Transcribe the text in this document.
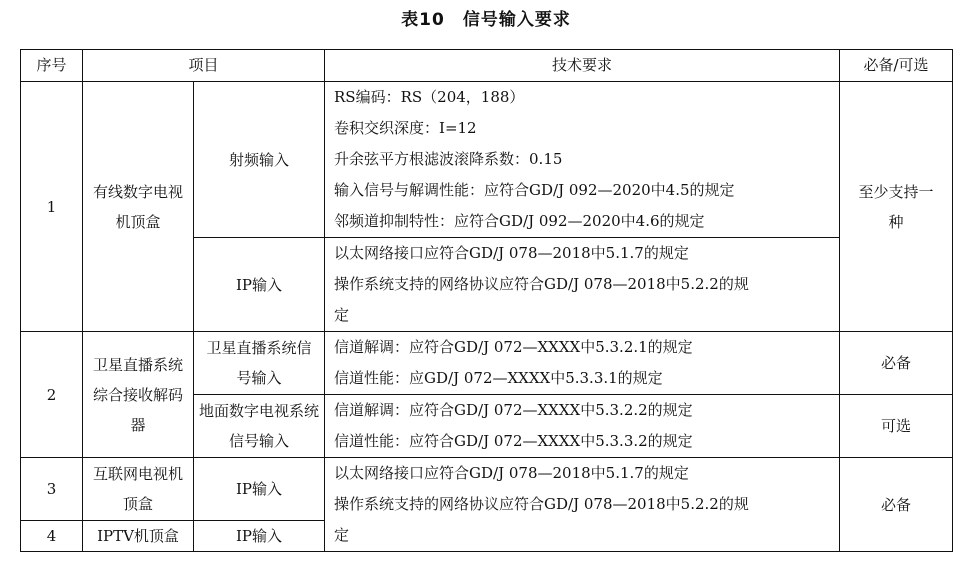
表10　信号输入要求
序号	项目		技术要求	必备/可选
1	有线数字电视机顶盒	射频输入	RS编码：RS（204，188）
卷积交织深度：I=12
升余弦平方根滤波滚降系数：0.15
输入信号与解调性能：应符合GD/J 092—2020中4.5的规定
邻频道抑制特性：应符合GD/J 092—2020中4.6的规定	至少支持一种
		IP输入	以太网络接口应符合GD/J 078—2018中5.1.7的规定
操作系统支持的网络协议应符合GD/J 078—2018中5.2.2的规
定	

2	卫星直播系统综合接收解码器	卫星直播系统信号输入	信道解调：应符合GD/J 072—XXXX中5.3.2.1的规定
信道性能：应GD/J 072—XXXX中5.3.3.1的规定	必备
		地面数字电视系统信号输入	信道解调：应符合GD/J 072—XXXX中5.3.2.2的规定
信道性能：应符合GD/J 072—XXXX中5.3.3.2的规定	可选
3	互联网电视机顶盒	IP输入	以太网络接口应符合GD/J 078—2018中5.1.7的规定
操作系统支持的网络协议应符合GD/J 078—2018中5.2.2的规
定	必备
4	IPTV机顶盒	IP输入		
